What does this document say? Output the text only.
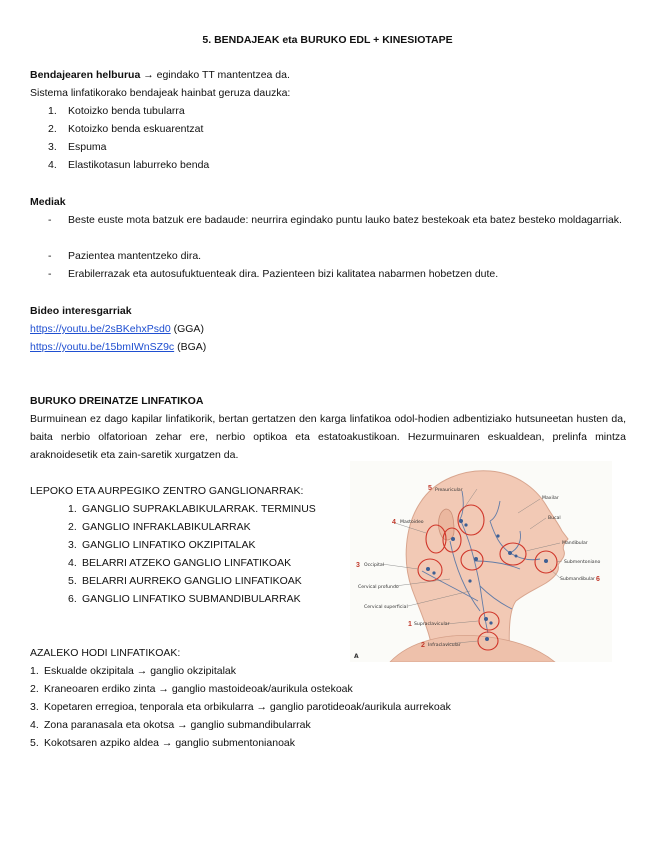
5. BENDAJEAK eta BURUKO EDL + KINESIOTAPE
Bendajearen helburua → egindako TT mantentzea da.
Sistema linfatikorako bendajeak hainbat geruza dauzka:
1. Kotoizko benda tubularra
2. Kotoizko benda eskuarentzat
3. Espuma
4. Elastikotasun laburreko benda
Mediak
- Beste euste mota batzuk ere badaude: neurrira egindako puntu lauko batez bestekoak eta batez besteko moldagarriak.
- Pazientea mantentzeko dira.
- Erabilerrazak eta autosufuktuenteak dira. Pazienteen bizi kalitatea nabarmen hobetzen dute.
Bideo interesgarriak
https://youtu.be/2sBKehxPsd0 (GGA)
https://youtu.be/15bmIWnSZ9c (BGA)
BURUKO DREINATZE LINFATIKOA
Burmuinean ez dago kapilar linfatikorik, bertan gertatzen den karga linfatikoa odol-hodien adbentiziako hutsuneetan husten da, baita nerbio olfatorioan zehar ere, nerbio optikoa eta estatoakustikoan. Hezurmuinaren eskualdean, prelinfa mintza araknoidesetik eta zain-saretik xurgatzen da.
LEPOKO ETA AURPEGIKO ZENTRO GANGLIONARRAK:
1. GANGLIO SUPRAKLABIKULARRAK. TERMINUS
2. GANGLIO INFRAKLABIKULARRAK
3. GANGLIO LINFATIKO OKZIPITALAK
4. BELARRI ATZEKO GANGLIO LINFATIKOAK
5. BELARRI AURREKO GANGLIO LINFATIKOAK
6. GANGLIO LINFATIKO SUBMANDIBULARRAK
5 Preauricular
4 Mastoideo
Maxilar
Bucal
Mandibular
Submentoniano
Submandibular 6
3 Occipital
Cervical profundo
Cervical superficial
1 Supraclavicular
2 Infraclavicular
A
AZALEKO HODI LINFATIKOAK:
1. Eskualde okzipitala → ganglio okzipitalak
2. Kraneoaren erdiko zinta → ganglio mastoideoak/aurikula ostekoak
3. Kopetaren erregioa, tenporala eta orbikularra → ganglio parotideoak/aurikula aurrekoak
4. Zona paranasala eta okotsa → ganglio submandibularrak
5. Kokotsaren azpiko aldea → ganglio submentonianoak
